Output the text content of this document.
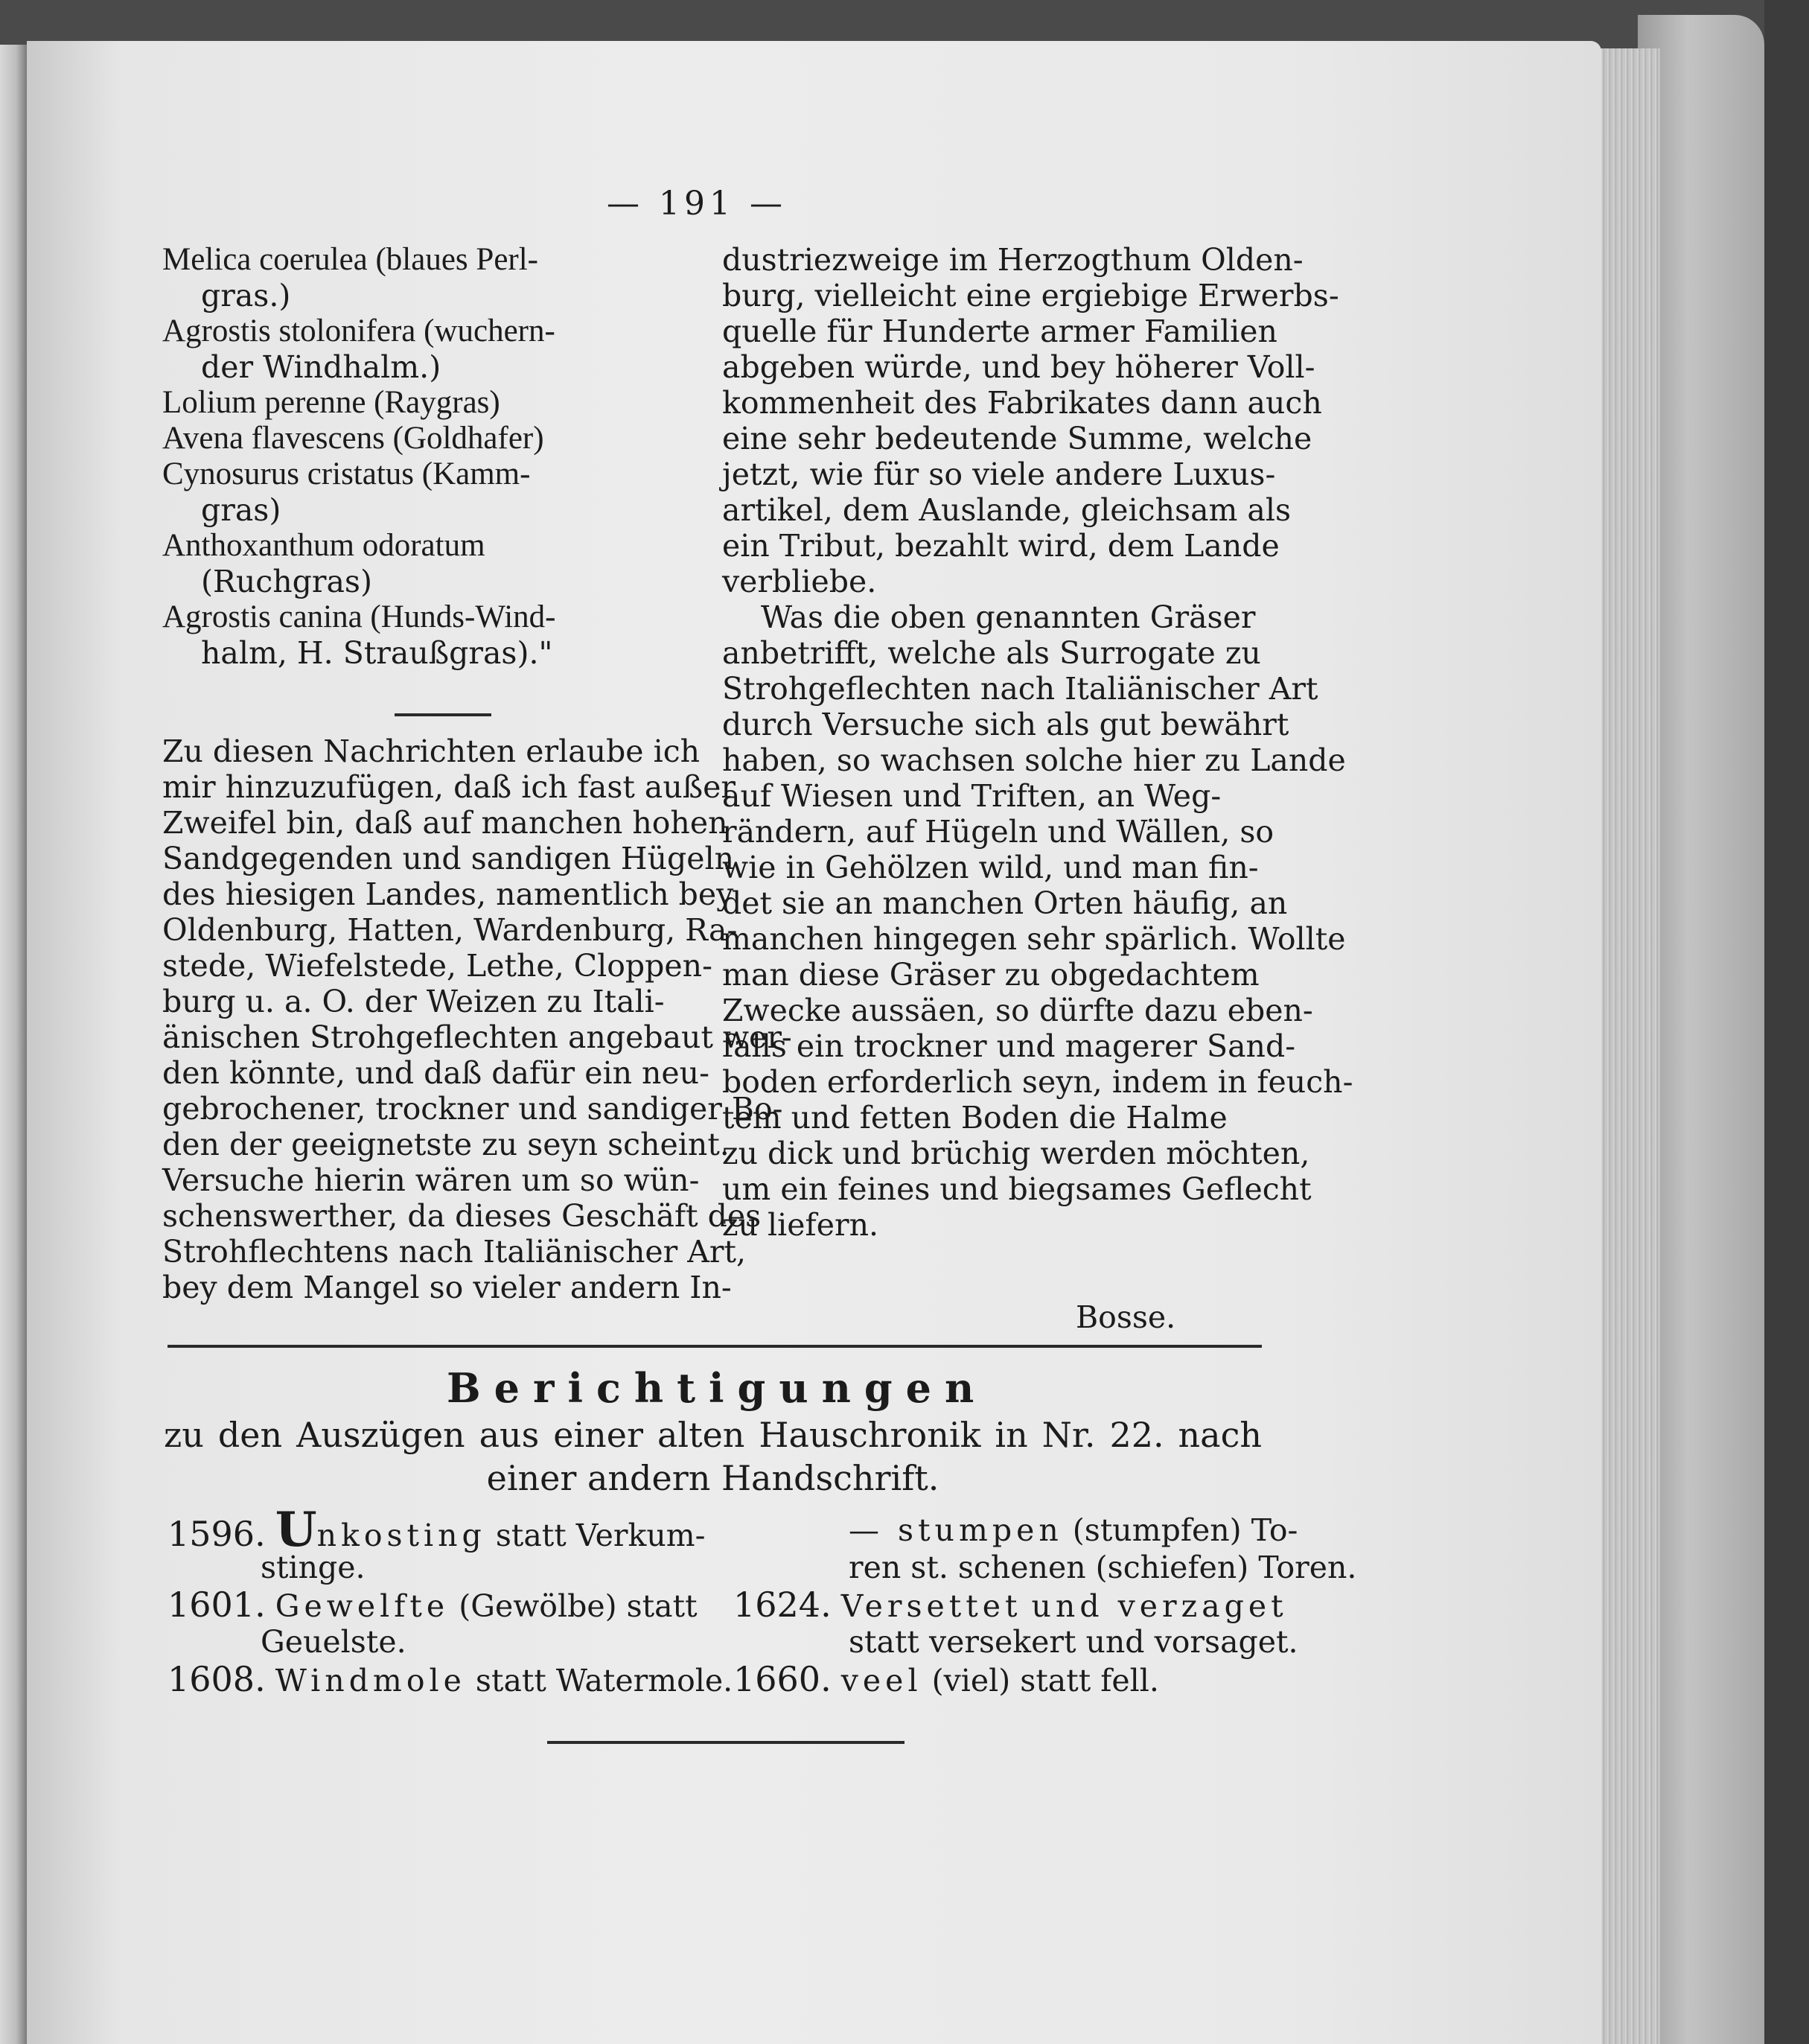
— 191 —
Melica coerulea (blaues Perl-
gras.)
Agrostis stolonifera (wuchern-
der Windhalm.)
Lolium perenne (Raygras)
Avena flavescens (Goldhafer)
Cynosurus cristatus (Kamm-
gras)
Anthoxanthum odoratum
(Ruchgras)
Agrostis canina (Hunds-Wind-
halm, H. Straußgras)."
Zu diesen Nachrichten erlaube ich
mir hinzuzufügen, daß ich fast außer
Zweifel bin, daß auf manchen hohen
Sandgegenden und sandigen Hügeln
des hiesigen Landes, namentlich bey
Oldenburg, Hatten, Wardenburg, Ra-
stede, Wiefelstede, Lethe, Cloppen-
burg u. a. O. der Weizen zu Itali-
änischen Strohgeflechten angebaut wer-
den könnte, und daß dafür ein neu-
gebrochener, trockner und sandiger Bo-
den der geeignetste zu seyn scheint.
Versuche hierin wären um so wün-
schenswerther, da dieses Geschäft des
Strohflechtens nach Italiänischer Art,
bey dem Mangel so vieler andern In-
dustriezweige im Herzogthum Olden-
burg, vielleicht eine ergiebige Erwerbs-
quelle für Hunderte armer Familien
abgeben würde, und bey höherer Voll-
kommenheit des Fabrikates dann auch
eine sehr bedeutende Summe, welche
jetzt, wie für so viele andere Luxus-
artikel, dem Auslande, gleichsam als
ein Tribut, bezahlt wird, dem Lande
verbliebe.
Was die oben genannten Gräser
anbetrifft, welche als Surrogate zu
Strohgeflechten nach Italiänischer Art
durch Versuche sich als gut bewährt
haben, so wachsen solche hier zu Lande
auf Wiesen und Triften, an Weg-
rändern, auf Hügeln und Wällen, so
wie in Gehölzen wild, und man fin-
det sie an manchen Orten häufig, an
manchen hingegen sehr spärlich. Wollte
man diese Gräser zu obgedachtem
Zwecke aussäen, so dürfte dazu eben-
falls ein trockner und magerer Sand-
boden erforderlich seyn, indem in feuch-
tem und fetten Boden die Halme
zu dick und brüchig werden möchten,
um ein feines und biegsames Geflecht
zu liefern.
Bosse.
Berichtigungen
zu den Auszügen aus einer alten Hauschronik in Nr. 22. nach
einer andern Handschrift.
1596. Unkosting statt Verkum-
stinge.
1601. Gewelfte (Gewölbe) statt
Geuelste.
1608. Windmole statt Watermole.
— stumpen (stumpfen) To-
ren st. schenen (schiefen) Toren.
1624. Versettet und verzaget
statt versekert und vorsaget.
1660. veel (viel) statt fell.
